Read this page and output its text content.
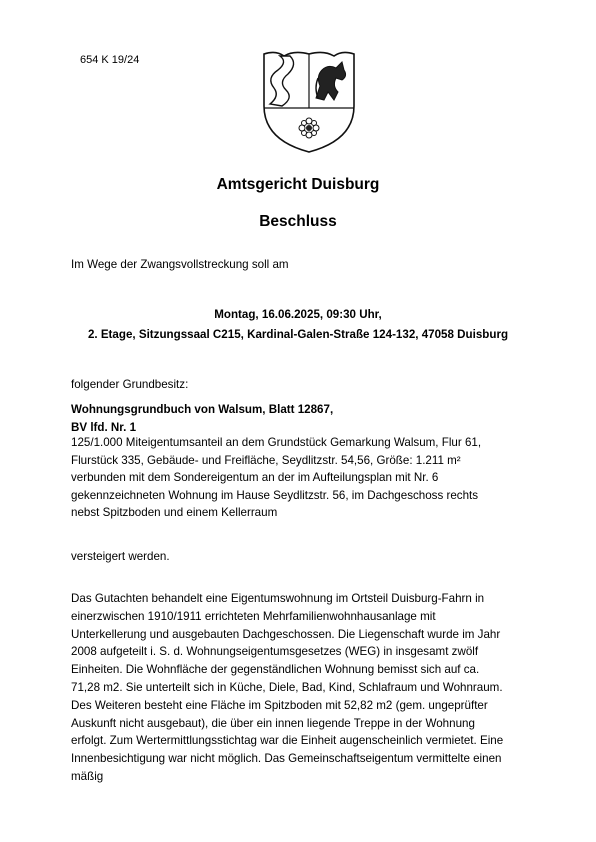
654 K 19/24
Amtsgericht Duisburg
Beschluss
Im Wege der Zwangsvollstreckung soll am
Montag, 16.06.2025, 09:30 Uhr,
2. Etage, Sitzungssaal C215, Kardinal-Galen-Straße 124-132, 47058 Duisburg
folgender Grundbesitz:
Wohnungsgrundbuch von Walsum, Blatt 12867,
BV lfd. Nr. 1
125/1.000 Miteigentumsanteil an dem Grundstück Gemarkung Walsum, Flur 61,
Flurstück 335, Gebäude- und Freifläche, Seydlitzstr. 54,56, Größe: 1.211 m²
verbunden mit dem Sondereigentum an der im Aufteilungsplan mit Nr. 6
gekennzeichneten Wohnung im Hause Seydlitzstr. 56, im Dachgeschoss rechts
nebst Spitzboden und einem Kellerraum
versteigert werden.
Das Gutachten behandelt eine Eigentumswohnung im Ortsteil Duisburg-Fahrn in
einerzwischen 1910/1911 errichteten Mehrfamilienwohnhausanlage mit
Unterkellerung und ausgebauten Dachgeschossen. Die Liegenschaft wurde im Jahr
2008 aufgeteilt i. S. d. Wohnungseigentumsgesetzes (WEG) in insgesamt zwölf
Einheiten. Die Wohnfläche der gegenständlichen Wohnung bemisst sich auf ca.
71,28 m2. Sie unterteilt sich in Küche, Diele, Bad, Kind, Schlafraum und Wohnraum.
Des Weiteren besteht eine Fläche im Spitzboden mit 52,82 m2 (gem. ungeprüfter
Auskunft nicht ausgebaut), die über ein innen liegende Treppe in der Wohnung
erfolgt. Zum Wertermittlungsstichtag war die Einheit augenscheinlich vermietet. Eine
Innenbesichtigung war nicht möglich. Das Gemeinschaftseigentum vermittelte einen
mäßig
